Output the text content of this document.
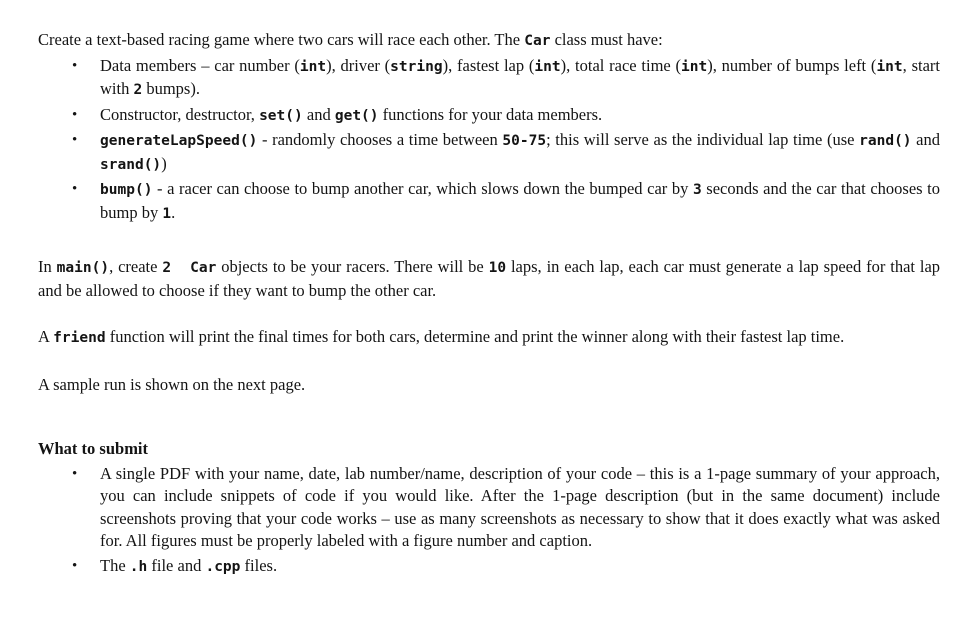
Create a text-based racing game where two cars will race each other. The Car class must have:

• Data members – car number (int), driver (string), fastest lap (int), total race time (int), number of bumps left (int, start with 2 bumps).
• Constructor, destructor, set() and get() functions for your data members.
• generateLapSpeed() - randomly chooses a time between 50-75; this will serve as the individual lap time (use rand() and srand())
• bump() - a racer can choose to bump another car, which slows down the bumped car by 3 seconds and the car that chooses to bump by 1.

In main(), create 2  Car objects to be your racers. There will be 10 laps, in each lap, each car must generate a lap speed for that lap and be allowed to choose if they want to bump the other car.

A friend function will print the final times for both cars, determine and print the winner along with their fastest lap time.

A sample run is shown on the next page.

What to submit

• A single PDF with your name, date, lab number/name, description of your code – this is a 1-page summary of your approach, you can include snippets of code if you would like. After the 1-page description (but in the same document) include screenshots proving that your code works – use as many screenshots as necessary to show that it does exactly what was asked for. All figures must be properly labeled with a figure number and caption.
• The .h file and .cpp files.
